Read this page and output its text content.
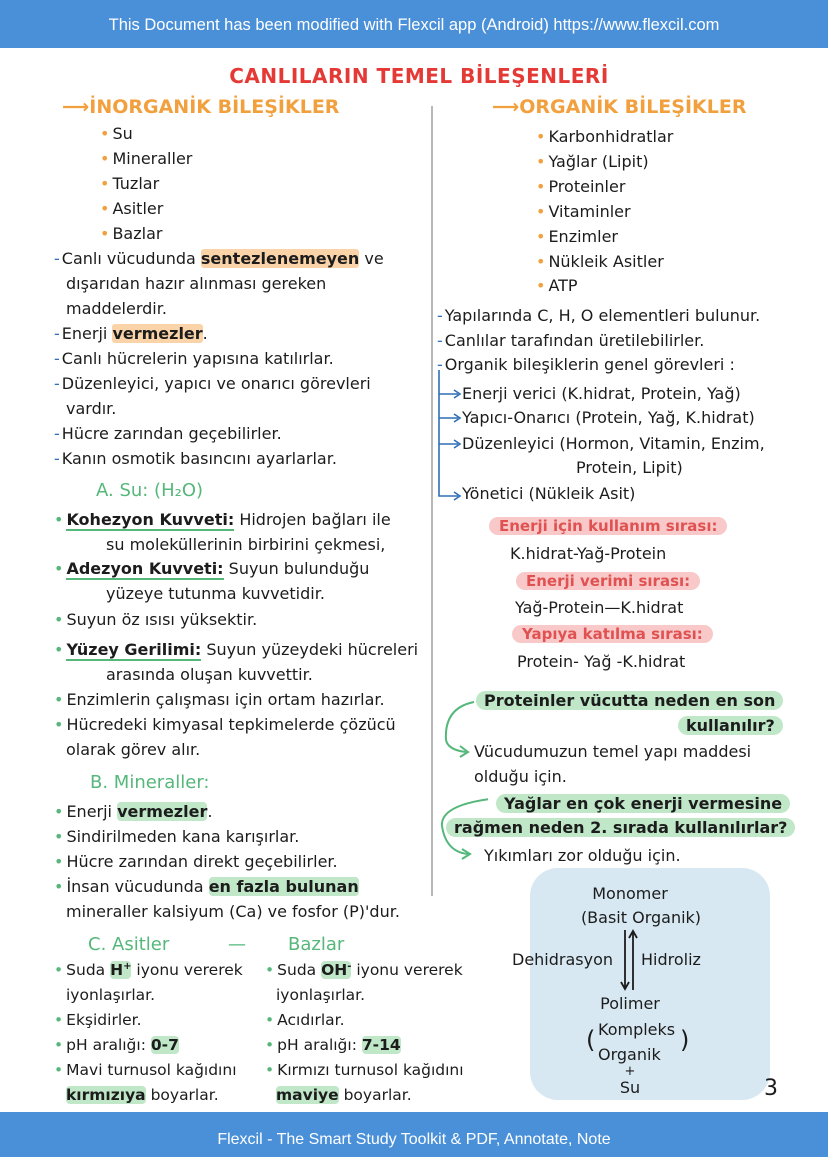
This Document has been modified with Flexcil app (Android) https://www.flexcil.com
CANLILARIN TEMEL BİLEŞENLERİ
⟶İNORGANİK BİLEŞİKLER
• Su
• Mineraller
• Tuzlar
• Asitler
• Bazlar
- Canlı vücudunda sentezlenemeyen ve
dışarıdan hazır alınması gereken
maddelerdir.
- Enerji vermezler.
- Canlı hücrelerin yapısına katılırlar.
- Düzenleyici, yapıcı ve onarıcı görevleri
vardır.
- Hücre zarından geçebilirler.
- Kanın osmotik basıncını ayarlarlar.
A. Su: (H₂O)
• Kohezyon Kuvveti: Hidrojen bağları ile
su moleküllerinin birbirini çekmesi,
• Adezyon Kuvveti: Suyun bulunduğu
yüzeye tutunma kuvvetidir.
• Suyun öz ısısı yüksektir.
• Yüzey Gerilimi: Suyun yüzeydeki hücreleri
arasında oluşan kuvvettir.
• Enzimlerin çalışması için ortam hazırlar.
• Hücredeki kimyasal tepkimelerde çözücü
olarak görev alır.
B. Mineraller:
• Enerji vermezler.
• Sindirilmeden kana karışırlar.
• Hücre zarından direkt geçebilirler.
• İnsan vücudunda en fazla bulunan
mineraller kalsiyum (Ca) ve fosfor (P)'dur.
C. Asitler	— Bazlar
• Suda H+ iyonu vererek
iyonlaşırlar.
• Ekşidirler.
• pH aralığı: 0-7
• Mavi turnusol kağıdını
kırmızıya boyarlar.
• Suda OH- iyonu vererek
iyonlaşırlar.
• Acıdırlar.
• pH aralığı: 7-14
• Kırmızı turnusol kağıdını
maviye boyarlar.
⟶ORGANİK BİLEŞİKLER
• Karbonhidratlar
• Yağlar (Lipit)
• Proteinler
• Vitaminler
• Enzimler
• Nükleik Asitler
• ATP
- Yapılarında C, H, O elementleri bulunur.
- Canlılar tarafından üretilebilirler.
- Organik bileşiklerin genel görevleri :
Enerji verici (K.hidrat, Protein, Yağ)
Yapıcı-Onarıcı (Protein, Yağ, K.hidrat)
Düzenleyici (Hormon, Vitamin, Enzim,
Protein, Lipit)
Yönetici (Nükleik Asit)
Enerji için kullanım sırası:
K.hidrat-Yağ-Protein
Enerji verimi sırası:
Yağ-Protein—K.hidrat
Yapıya katılma sırası:
Protein- Yağ -K.hidrat
Proteinler vücutta neden en son
kullanılır?
Vücudumuzun temel yapı maddesi
olduğu için.
Yağlar en çok enerji vermesine
rağmen neden 2. sırada kullanılırlar?
Yıkımları zor olduğu için.
Monomer
(Basit Organik)
Dehidrasyon Hidroliz
Polimer
( Kompleks
Organik
)
+
Su	3
Flexcil - The Smart Study Toolkit & PDF, Annotate, Note
